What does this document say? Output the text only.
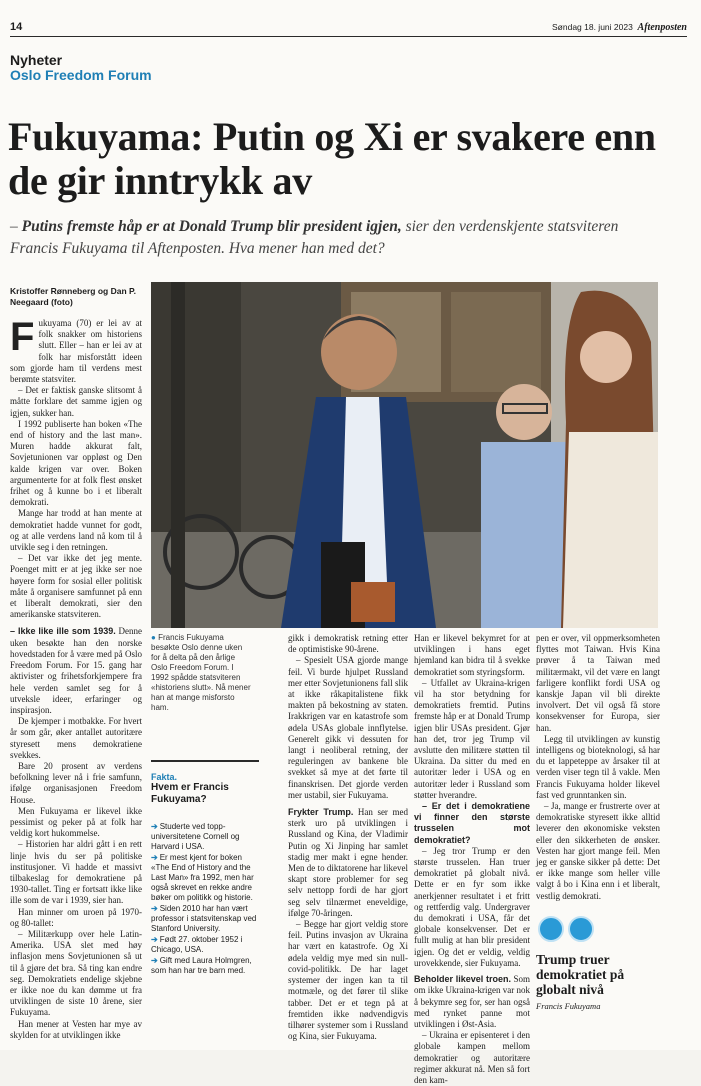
14	Søndag 18. juni 2023 Aftenposten
Nyheter
Oslo Freedom Forum
Fukuyama: Putin og Xi er svakere enn de gir inntrykk av
– Putins fremste håp er at Donald Trump blir president igjen, sier den verdenskjente statsviteren Francis Fukuyama til Aftenposten. Hva mener han med det?
Kristoffer Rønneberg og Dan P. Neegaard (foto)
● Francis Fukuyama besøkte Oslo denne uken for å delta på den årlige Oslo Freedom Forum. I 1992 spådde statsviteren «historiens slutt». Nå mener han at mange misforsto ham.
Fakta.
Hvem er Francis Fukuyama?
➔ Studerte ved topp-universitetene Cornell og Harvard i USA.
➔ Er mest kjent for boken «The End of History and the Last Man» fra 1992, men har også skrevet en rekke andre bøker om politikk og historie.
➔ Siden 2010 har han vært professor i statsvitenskap ved Stanford University.
➔ Født 27. oktober 1952 i Chicago, USA.
➔ Gift med Laura Holmgren, som han har tre barn med.

Fukuyama (70) er lei av at folk snakker om historiens slutt. Eller – han er lei av at folk har misforstått ideen som gjorde ham til verdens mest berømte statsviter.

– Det er faktisk ganske slitsomt å måtte forklare det samme igjen og igjen, sukker han.

I 1992 publiserte han boken «The end of history and the last man». Muren hadde akkurat falt, Sovjetunionen var oppløst og Den kalde krigen var over. Boken argumenterte for at folk flest ønsket frihet og å kunne bo i et liberalt demokrati.

Mange har trodd at han mente at demokratiet hadde vunnet for godt, og at alle verdens land nå kom til å utvikle seg i den retningen.

– Det var ikke det jeg mente. Poenget mitt er at jeg ikke ser noe høyere form for sosial eller politisk måte å organisere samfunnet på enn et liberalt demokrati, sier den amerikanske statsviteren.

– Ikke like ille som 1939. Denne uken besøkte han den norske hovedstaden for å være med på Oslo Freedom Forum. For 15. gang har aktivister og frihetsforkjempere fra hele verden samlet seg for å utveksle ideer, erfaringer og inspirasjon.

De kjemper i motbakke. For hvert år som går, øker antallet autoritære styresett mens demokratiene svekkes.

Bare 20 prosent av verdens befolkning lever nå i frie samfunn, ifølge organisasjonen Freedom House.

Men Fukuyama er likevel ikke pessimist og peker på at folk har veldig kort hukommelse.

– Historien har aldri gått i en rett linje hvis du ser på politiske institusjoner. Vi hadde et massivt tilbakeslag for demokratiene på 1930-tallet. Ting er fortsatt ikke like ille som de var i 1939, sier han.

Han minner om uroen på 1970- og 80-tallet:

– Militærkupp over hele Latin-Amerika. USA slet med høy inflasjon mens Sovjetunionen så ut til å gjøre det bra. Så ting kan endre seg. Demokratiets endelige skjebne er ikke noe du kan dømme ut fra utviklingen de siste 10 årene, sier Fukuyama.

Han mener at Vesten har mye av skylden for at utviklingen ikke

gikk i demokratisk retning etter de optimistiske 90-årene.

– Spesielt USA gjorde mange feil. Vi burde hjulpet Russland mer etter Sovjetunionens fall slik at ikke råkapitalistene fikk makten på bekostning av staten. Irakkrigen var en katastrofe som ødela USAs globale innflytelse. Generelt gikk vi dessuten for langt i neoliberal retning, der reguleringen av bankene ble svekket så mye at det førte til finanskrisen. Det gjorde verden mer ustabil, sier Fukuyama.

Frykter Trump. Han ser med sterk uro på utviklingen i Russland og Kina, der Vladimir Putin og Xi Jinping har samlet stadig mer makt i egne hender. Men de to diktatorene har likevel skapt store problemer for seg selv nettopp fordi de har gjort seg selv tilnærmet eneveldige, ifølge 70-åringen.

– Begge har gjort veldig store feil. Putins invasjon av Ukraina har vært en katastrofe. Og Xi ødela veldig mye med sin null-covid-politikk. De har laget systemer der ingen kan ta til motmæle, og det fører til slike tabber. Det er et tegn på at fremtiden ikke nødvendigvis tilhører systemer som i Russland og Kina, sier Fukuyama.

Han er likevel bekymret for at utviklingen i hans eget hjemland kan bidra til å svekke demokratiet som styringsform.

– Utfallet av Ukraina-krigen vil ha stor betydning for demokratiets fremtid. Putins fremste håp er at Donald Trump igjen blir USAs president. Gjør han det, tror jeg Trump vil avslutte den militære støtten til Ukraina. Da sitter du med en autoritær leder i USA og en autoritær leder i Russland som støtter hverandre.

– Er det i demokratiene vi finner den største trusselen mot demokratiet?

– Jeg tror Trump er den største trusselen. Han truer demokratiet på globalt nivå. Dette er en fyr som ikke anerkjenner resultatet i et fritt og rettferdig valg. Undergraver du demokrati i USA, får det globale konsekvenser. Det er fullt mulig at han blir president igjen. Og det er veldig, veldig urovekkende, sier Fukuyama.

Beholder likevel troen. Som om ikke Ukraina-krigen var nok å bekymre seg for, ser han også med rynket panne mot utviklingen i Øst-Asia.

– Ukraina er episenteret i den globale kampen mellom demokratier og autoritære regimer akkurat nå. Men så fort den kam-

pen er over, vil oppmerksomheten flyttes mot Taiwan. Hvis Kina prøver å ta Taiwan med militærmakt, vil det være en langt farligere konflikt fordi USA og kanskje Japan vil bli direkte involvert. Det vil også få store konsekvenser for Europa, sier han.

Legg til utviklingen av kunstig intelligens og bioteknologi, så har du et lappeteppe av årsaker til at verden viser tegn til å vakle. Men Francis Fukuyama holder likevel fast ved grunntanken sin.

– Ja, mange er frustrerte over at demokratiske styresett ikke alltid leverer den økonomiske veksten eller den sikkerheten de ønsker. Vesten har gjort mange feil. Men jeg er ganske sikker på dette: Det er ikke mange som heller ville valgt å bo i Kina enn i et liberalt, vestlig demokrati.

Trump truer demokratiet på globalt nivå
Francis Fukuyama
